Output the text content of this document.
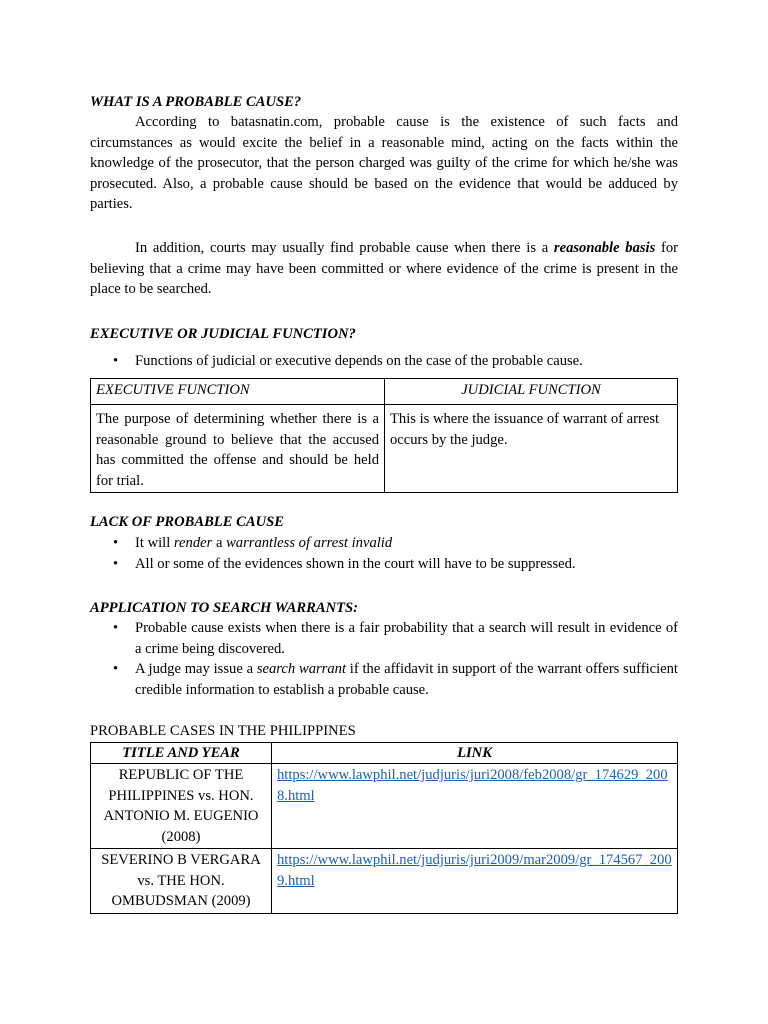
WHAT IS A PROBABLE CAUSE?

According to batasnatin.com, probable cause is the existence of such facts and circumstances as would excite the belief in a reasonable mind, acting on the facts within the knowledge of the prosecutor, that the person charged was guilty of the crime for which he/she was prosecuted. Also, a probable cause should be based on the evidence that would be adduced by parties.

In addition, courts may usually find probable cause when there is a reasonable basis for believing that a crime may have been committed or where evidence of the crime is present in the place to be searched.

EXECUTIVE OR JUDICIAL FUNCTION?
• Functions of judicial or executive depends on the case of the probable cause.
EXECUTIVE FUNCTION	JUDICIAL FUNCTION
The purpose of determining whether there is a reasonable ground to believe that the accused has committed the offense and should be held for trial.	This is where the issuance of warrant of arrest occurs by the judge.
LACK OF PROBABLE CAUSE
• It will render a warrantless of arrest invalid
• All or some of the evidences shown in the court will have to be suppressed.
APPLICATION TO SEARCH WARRANTS:
• Probable cause exists when there is a fair probability that a search will result in evidence of a crime being discovered.
• A judge may issue a search warrant if the affidavit in support of the warrant offers sufficient credible information to establish a probable cause.
PROBABLE CASES IN THE PHILIPPINES
TITLE AND YEAR	LINK
REPUBLIC OF THE PHILIPPINES vs. HON. ANTONIO M. EUGENIO (2008)	https://www.lawphil.net/judjuris/juri2008/feb2008/gr_174629_2008.html
SEVERINO B VERGARA vs. THE HON. OMBUDSMAN (2009)	https://www.lawphil.net/judjuris/juri2009/mar2009/gr_174567_2009.html
